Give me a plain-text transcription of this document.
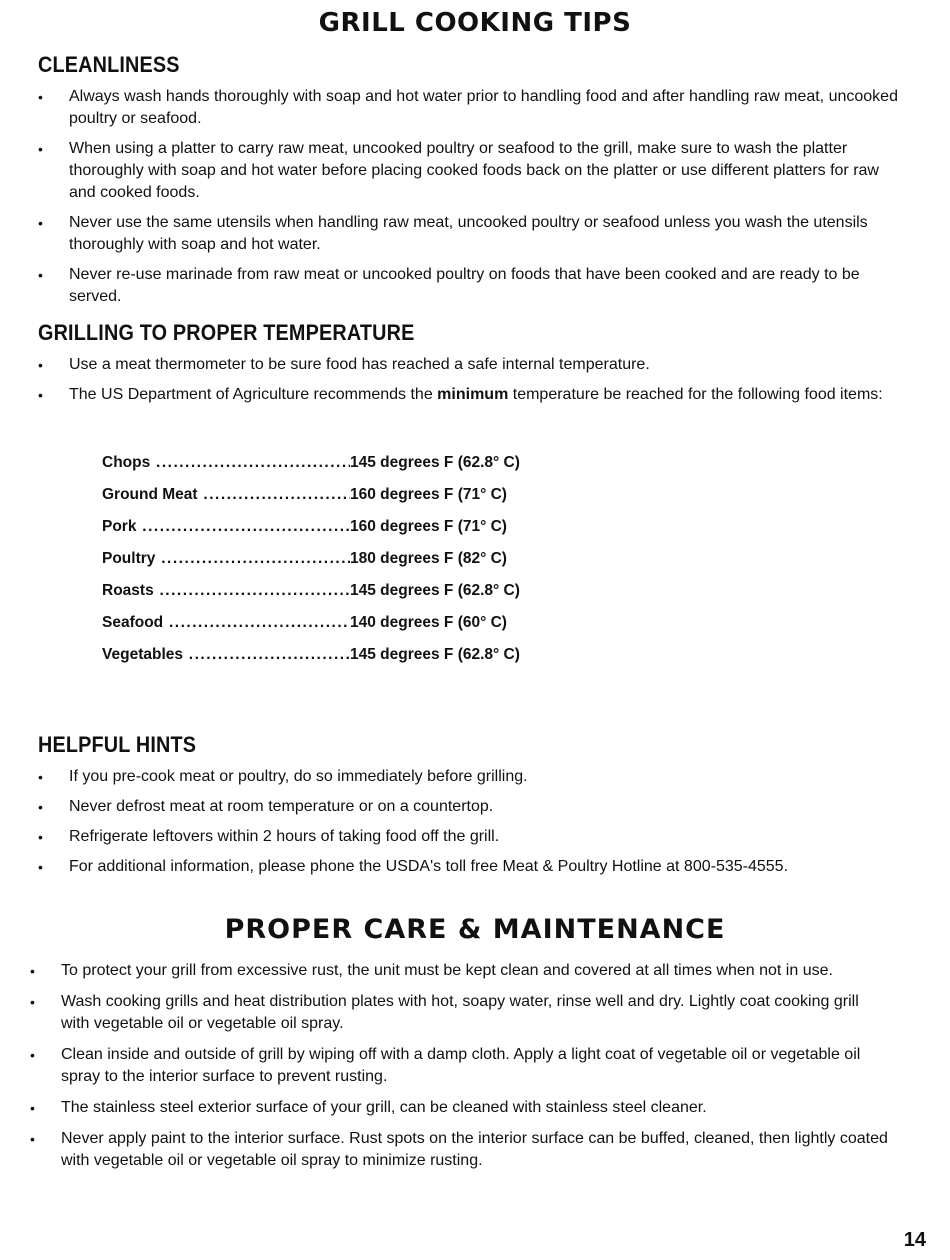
GRILL COOKING TIPS
CLEANLINESS
• Always wash hands thoroughly with soap and hot water prior to handling food and after handling raw meat, uncooked poultry or seafood.
• When using a platter to carry raw meat, uncooked poultry or seafood to the grill, make sure to wash the platter thoroughly with soap and hot water before placing cooked foods back on the platter or use different platters for raw and cooked foods.
• Never use the same utensils when handling raw meat, uncooked poultry or seafood unless you wash the utensils thoroughly with soap and hot water.
• Never re-use marinade from raw meat or uncooked poultry on foods that have been cooked and are ready to be served.
GRILLING TO PROPER TEMPERATURE
• Use a meat thermometer to be sure food has reached a safe internal temperature.
• The US Department of Agriculture recommends the minimum temperature be reached for the following food items:
Chops .....	145 degrees F (62.8° C)
Ground Meat .....	160 degrees F (71° C)
Pork .....	160 degrees F (71° C)
Poultry .....	180 degrees F (82° C)
Roasts .....	145 degrees F (62.8° C)
Seafood .....	140 degrees F (60° C)
Vegetables .....	145 degrees F (62.8° C)
HELPFUL HINTS
• If you pre-cook meat or poultry, do so immediately before grilling.
• Never defrost meat at room temperature or on a countertop.
• Refrigerate leftovers within 2 hours of taking food off the grill.
• For additional information, please phone the USDA's toll free Meat & Poultry Hotline at 800-535-4555.
PROPER CARE & MAINTENANCE
• To protect your grill from excessive rust, the unit must be kept clean and covered at all times when not in use.
• Wash cooking grills and heat distribution plates with hot, soapy water, rinse well and dry. Lightly coat cooking grill with vegetable oil or vegetable oil spray.
• Clean inside and outside of grill by wiping off with a damp cloth. Apply a light coat of vegetable oil or vegetable oil spray to the interior surface to prevent rusting.
• The stainless steel exterior surface of your grill, can be cleaned with stainless steel cleaner.
• Never apply paint to the interior surface. Rust spots on the interior surface can be buffed, cleaned, then lightly coated with vegetable oil or vegetable oil spray to minimize rusting.
14
